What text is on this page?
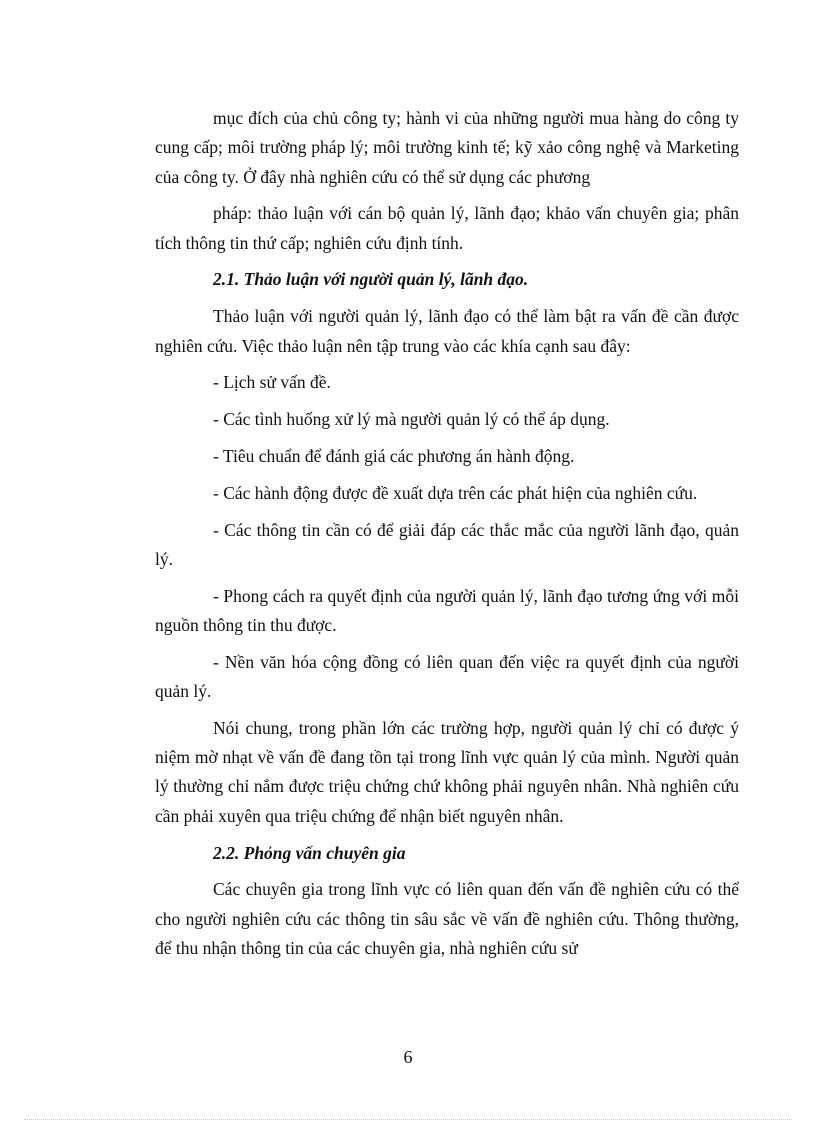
mục đích của chủ công ty; hành vi của những người mua hàng do công ty cung cấp; môi trường pháp lý; môi trường kinh tế; kỹ xảo công nghệ và Marketing của công ty. Ở đây nhà nghiên cứu có thể sử dụng các phương

pháp: thảo luận với cán bộ quản lý, lãnh đạo; khảo vấn chuyên gia; phân tích thông tin thứ cấp; nghiên cứu định tính.

2.1. Thảo luận với người quản lý, lãnh đạo.

Thảo luận với người quản lý, lãnh đạo có thể làm bật ra vấn đề cần được nghiên cứu. Việc thảo luận nên tập trung vào các khía cạnh sau đây:

- Lịch sử vấn đề.

- Các tình huống xử lý mà người quản lý có thể áp dụng.

- Tiêu chuẩn để đánh giá các phương án hành động.

- Các hành động được đề xuất dựa trên các phát hiện của nghiên cứu.

- Các thông tin cần có để giải đáp các thắc mắc của người lãnh đạo, quản lý.

- Phong cách ra quyết định của người quản lý, lãnh đạo tương ứng với mỗi nguồn thông tin thu được.

- Nền văn hóa cộng đồng có liên quan đến việc ra quyết định của người quản lý.

Nói chung, trong phần lớn các trường hợp, người quản lý chỉ có được ý niệm mờ nhạt về vấn đề đang tồn tại trong lĩnh vực quản lý của mình. Người quản lý thường chỉ nắm được triệu chứng chứ không phải nguyên nhân. Nhà nghiên cứu cần phải xuyên qua triệu chứng để nhận biết nguyên nhân.

2.2. Phỏng vấn chuyên gia

Các chuyên gia trong lĩnh vực có liên quan đến vấn đề nghiên cứu có thể cho người nghiên cứu các thông tin sâu sắc về vấn đề nghiên cứu. Thông thường, để thu nhận thông tin của các chuyên gia, nhà nghiên cứu sử

6
